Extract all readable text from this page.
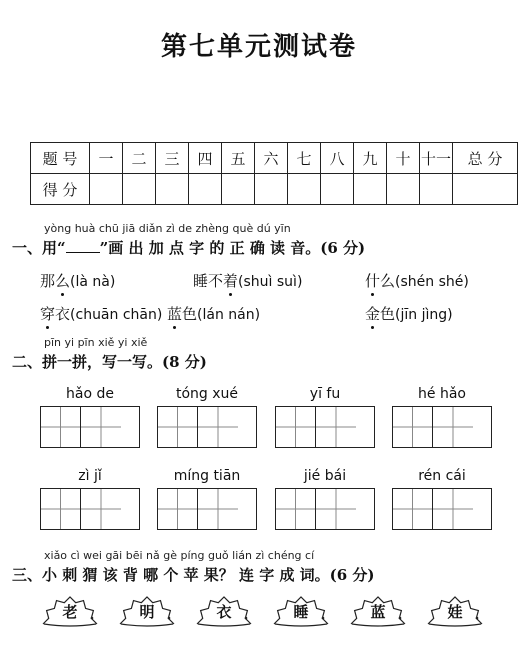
第七单元测试卷
题 号	一	二	三	四	五	六	七	八	九	十	十一	总 分
得 分												
yòng huà chū jiā diǎn zì de zhèng què dú yīn
一、用“ ”画 出 加 点 字 的 正 确 读 音。(6 分)
那么(là nà)	睡不着(shuì suì)	什么(shén shé)
穿衣(chuān chān) 蓝色(lán nán)	金色(jīn jìng)
pīn yi pīn xiě yi xiě
二、拼一拼，写一写。(8 分)
hǎo de	tóng xué	yī fu	hé hǎo
zì jǐ	míng tiān	jié bái	rén cái
xiǎo cì wei gāi bēi nǎ gè píng guǒ lián zì chéng cí
三、小 刺 猬 该 背 哪 个 苹 果？ 连 字 成 词。(6 分)
老	明	衣	睡	蓝	娃
